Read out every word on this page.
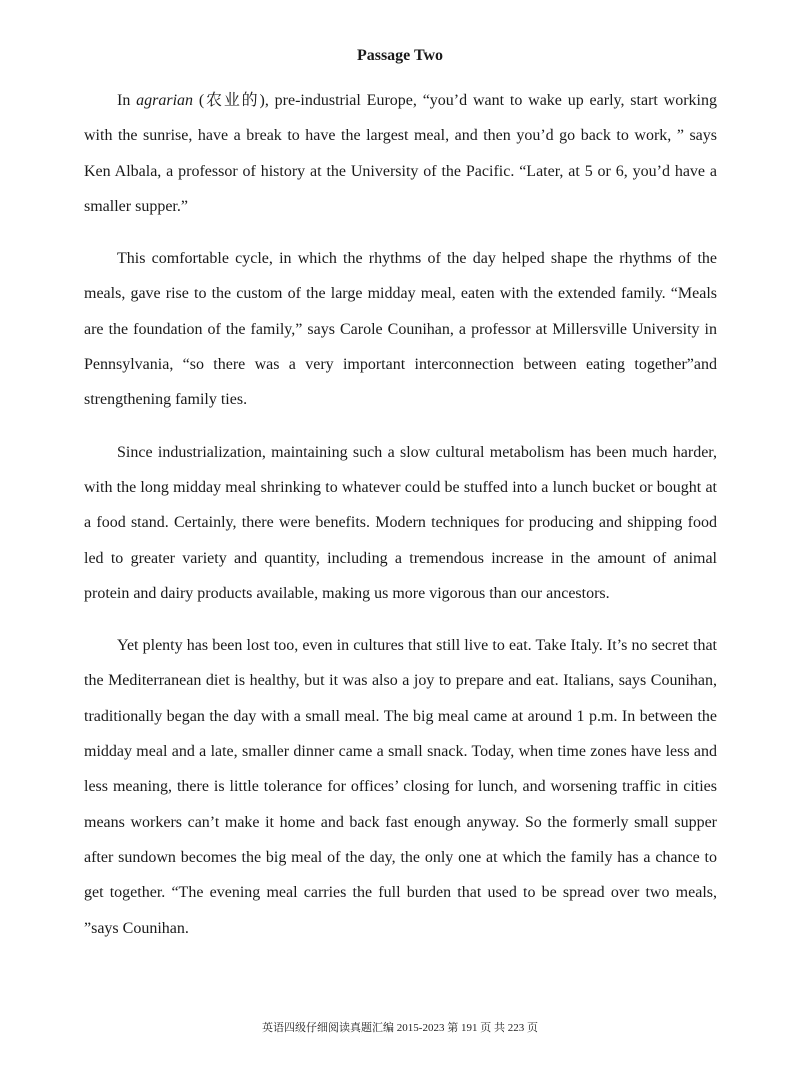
Passage Two

In agrarian (农业的), pre-industrial Europe, “you’d want to wake up early, start working with the sunrise, have a break to have the largest meal, and then you’d go back to work, ” says Ken Albala, a professor of history at the University of the Pacific. “Later, at 5 or 6, you’d have a smaller supper.”

This comfortable cycle, in which the rhythms of the day helped shape the rhythms of the meals, gave rise to the custom of the large midday meal, eaten with the extended family. “Meals are the foundation of the family,” says Carole Counihan, a professor at Millersville University in Pennsylvania, “so there was a very important interconnection between eating together”and strengthening family ties.

Since industrialization, maintaining such a slow cultural metabolism has been much harder, with the long midday meal shrinking to whatever could be stuffed into a lunch bucket or bought at a food stand. Certainly, there were benefits. Modern techniques for producing and shipping food led to greater variety and quantity, including a tremendous increase in the amount of animal protein and dairy products available, making us more vigorous than our ancestors.

Yet plenty has been lost too, even in cultures that still live to eat. Take Italy. It’s no secret that the Mediterranean diet is healthy, but it was also a joy to prepare and eat. Italians, says Counihan, traditionally began the day with a small meal. The big meal came at around 1 p.m. In between the midday meal and a late, smaller dinner came a small snack. Today, when time zones have less and less meaning, there is little tolerance for offices’ closing for lunch, and worsening traffic in cities means workers can’t make it home and back fast enough anyway. So the formerly small supper after sundown becomes the big meal of the day, the only one at which the family has a chance to get together. “The evening meal carries the full burden that used to be spread over two meals, ”says Counihan.

英语四级仔细阅读真题汇编 2015-2023 第 191 页 共 223 页
